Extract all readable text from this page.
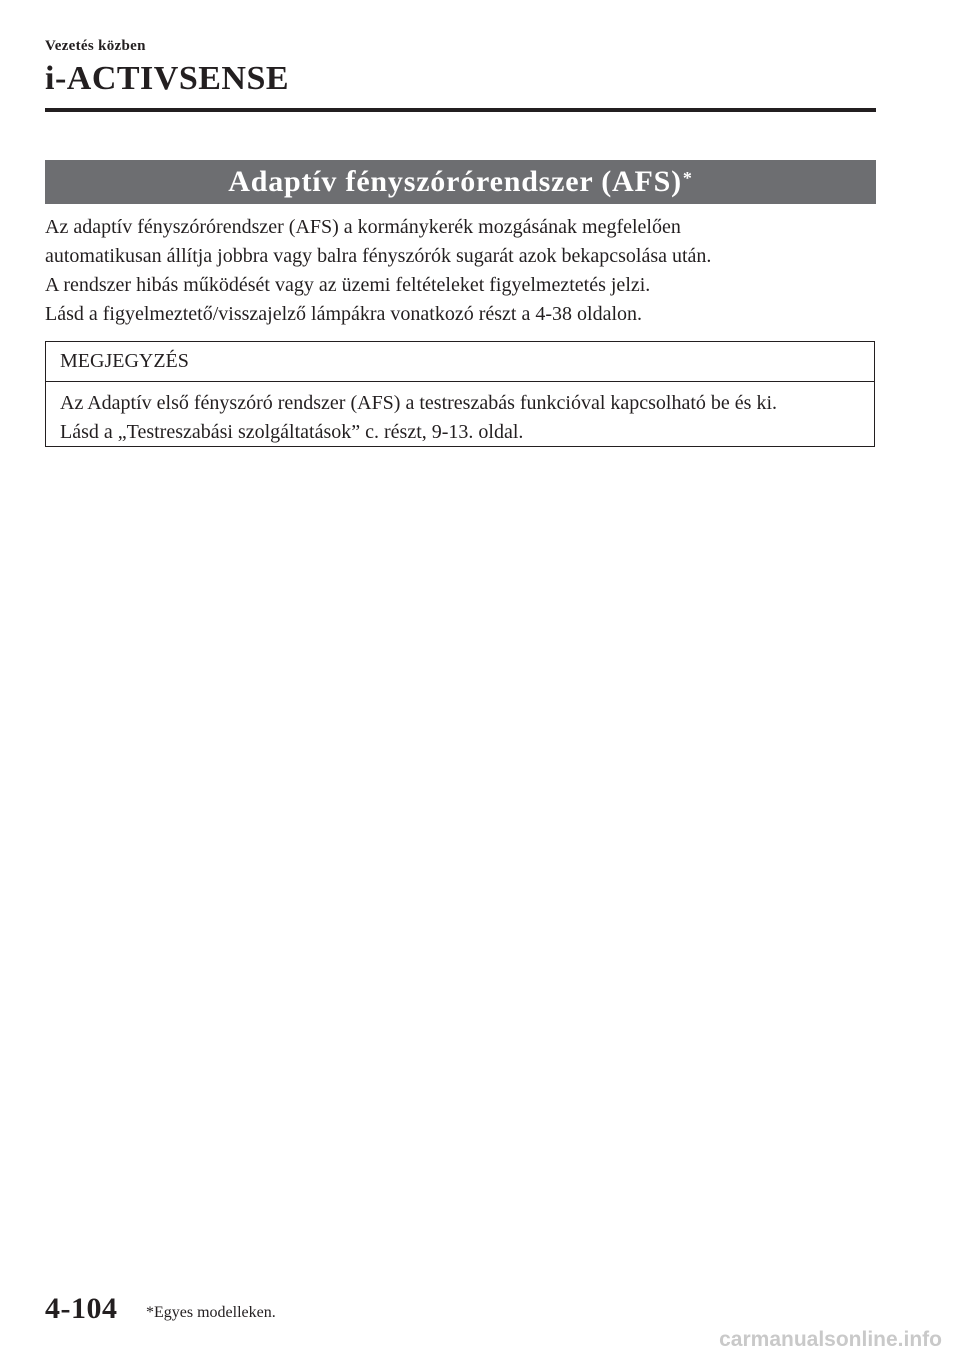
Vezetés közben
i-ACTIVSENSE
Adaptív fényszórórendszer (AFS)*

Az adaptív fényszórórendszer (AFS) a kormánykerék mozgásának megfelelően

automatikusan állítja jobbra vagy balra fényszórók sugarát azok bekapcsolása után.

A rendszer hibás működését vagy az üzemi feltételeket figyelmeztetés jelzi.

Lásd a figyelmeztető/visszajelző lámpákra vonatkozó részt a 4-38 oldalon.

MEGJEGYZÉS

Az Adaptív első fényszóró rendszer (AFS) a testreszabás funkcióval kapcsolható be és ki.

Lásd a „Testreszabási szolgáltatások” c. részt, 9-13. oldal.

4-104 *Egyes modelleken.
carmanualsonline.info
